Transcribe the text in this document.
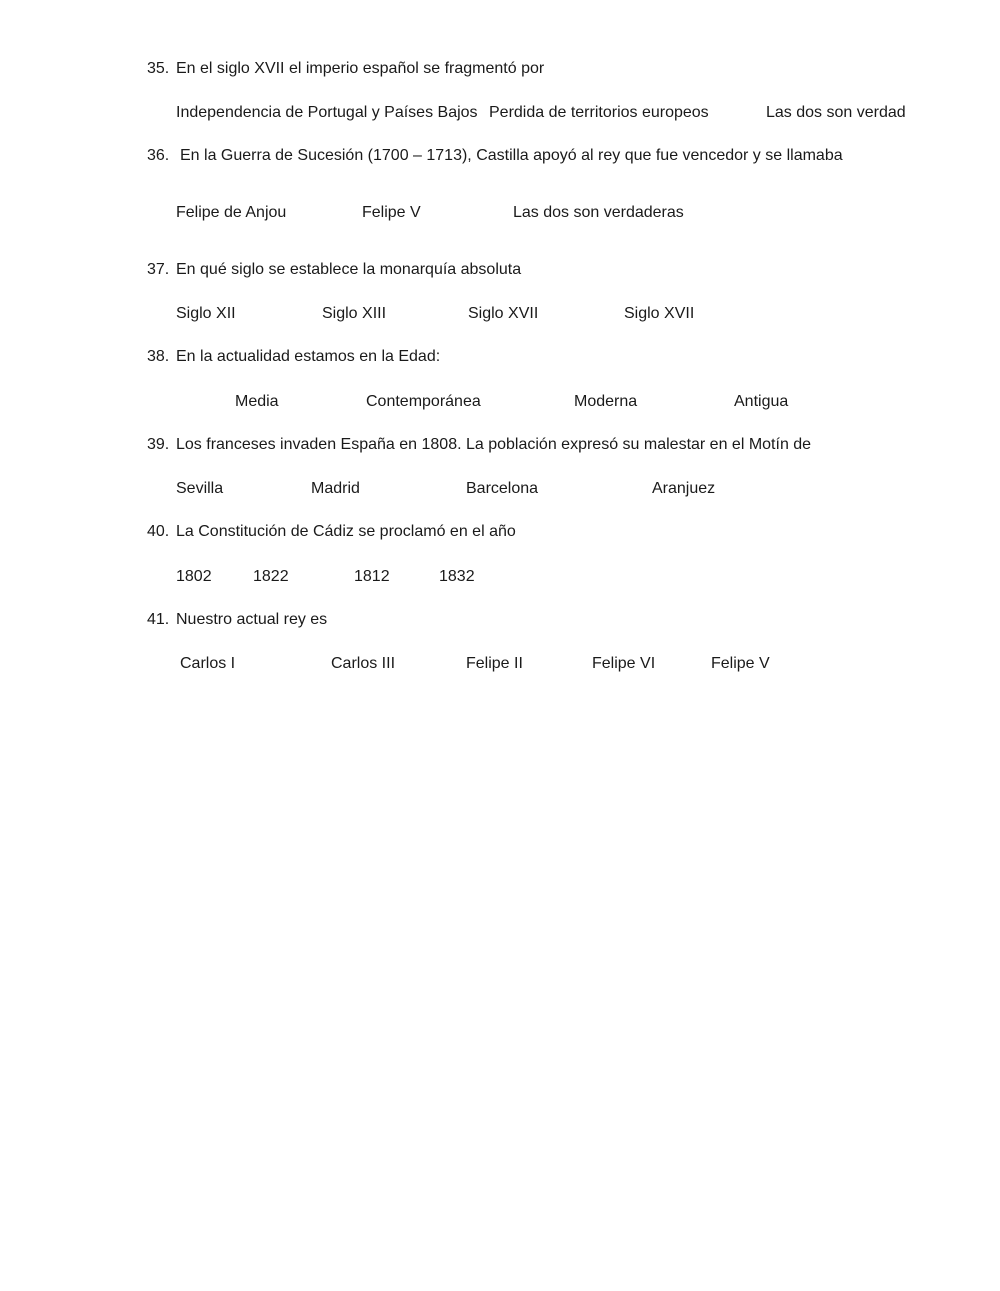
35. En el siglo XVII el imperio español se fragmentó por
Independencia de Portugal y Países Bajos Perdida de territorios europeos	Las dos son verdad
36. En la Guerra de Sucesión (1700 – 1713), Castilla apoyó al rey que fue vencedor y se llamaba
Felipe de Anjou	Felipe V	Las dos son verdaderas
37. En qué siglo se establece la monarquía absoluta
Siglo XII	Siglo XIII	Siglo XVII	Siglo XVII
38. En la actualidad estamos en la Edad:
Media	Contemporánea	Moderna	Antigua
39. Los franceses invaden España en 1808. La población expresó su malestar en el Motín de
Sevilla	Madrid	Barcelona	Aranjuez
40. La Constitución de Cádiz se proclamó en el año
1802	1822	1812	1832
41. Nuestro actual rey es
Carlos I	Carlos III	Felipe II	Felipe VI	Felipe V
